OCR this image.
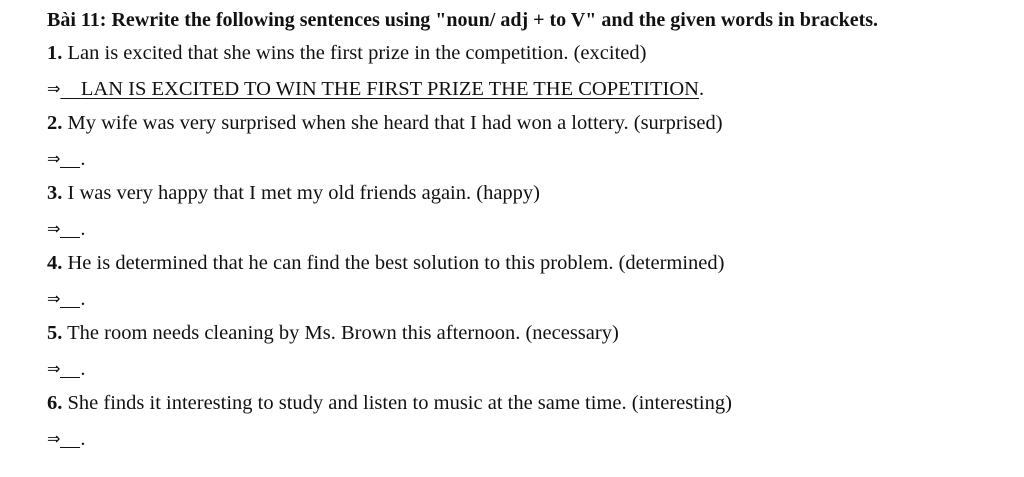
Bài 11: Rewrite the following sentences using "noun/ adj + to V" and the given words in brackets.
1. Lan is excited that she wins the first prize in the competition. (excited)
⇒ LAN IS EXCITED TO WIN THE FIRST PRIZE THE THE COPETITION.
2. My wife was very surprised when she heard that I had won a lottery. (surprised)
⇒ .
3. I was very happy that I met my old friends again. (happy)
⇒ .
4. He is determined that he can find the best solution to this problem. (determined)
⇒ .
5. The room needs cleaning by Ms. Brown this afternoon. (necessary)
⇒ .
6. She finds it interesting to study and listen to music at the same time. (interesting)
⇒ .
